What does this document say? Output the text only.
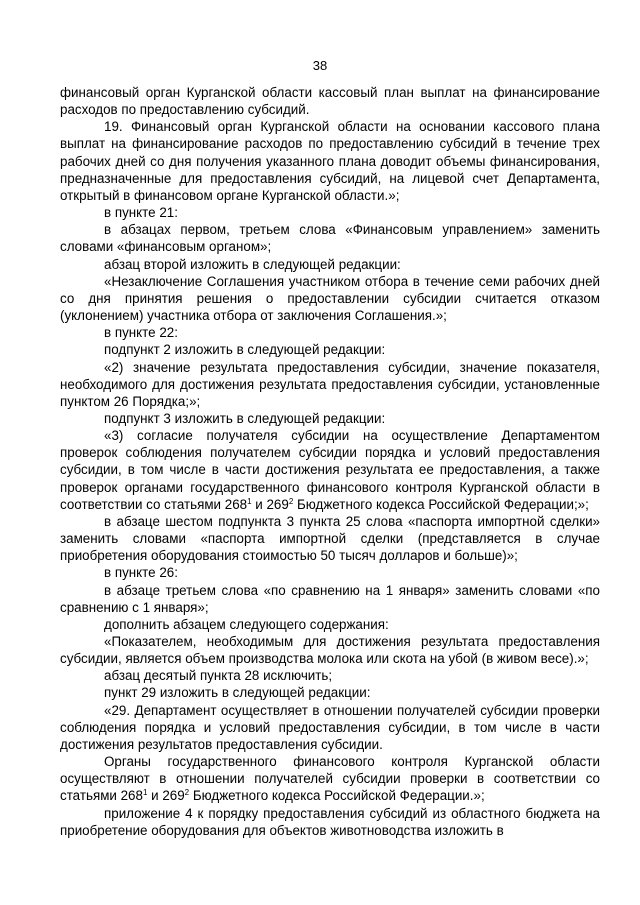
38

финансовый орган Курганской области кассовый план выплат на финансирование расходов по предоставлению субсидий.

19. Финансовый орган Курганской области на основании кассового плана выплат на финансирование расходов по предоставлению субсидий в течение трех рабочих дней со дня получения указанного плана доводит объемы финансирования, предназначенные для предоставления субсидий, на лицевой счет Департамента, открытый в финансовом органе Курганской области.»;

в пункте 21:

в абзацах первом, третьем слова «Финансовым управлением» заменить словами «финансовым органом»;

абзац второй изложить в следующей редакции:

«Незаключение Соглашения участником отбора в течение семи рабочих дней со дня принятия решения о предоставлении субсидии считается отказом (уклонением) участника отбора от заключения Соглашения.»;

в пункте 22:

подпункт 2 изложить в следующей редакции:

«2) значение результата предоставления субсидии, значение показателя, необходимого для достижения результата предоставления субсидии, установленные пунктом 26 Порядка;»;

подпункт 3 изложить в следующей редакции:

«3) согласие получателя субсидии на осуществление Департаментом проверок соблюдения получателем субсидии порядка и условий предоставления субсидии, в том числе в части достижения результата ее предоставления, а также проверок органами государственного финансового контроля Курганской области в соответствии со статьями $268^1$ и $269^2$ Бюджетного кодекса Российской Федерации;»;

в абзаце шестом подпункта 3 пункта 25 слова «паспорта импортной сделки» заменить словами «паспорта импортной сделки (представляется в случае приобретения оборудования стоимостью 50 тысяч долларов и больше)»;

в пункте 26:

в абзаце третьем слова «по сравнению на 1 января» заменить словами «по сравнению с 1 января»;

дополнить абзацем следующего содержания:

«Показателем, необходимым для достижения результата предоставления субсидии, является объем производства молока или скота на убой (в живом весе).»;

абзац десятый пункта 28 исключить;

пункт 29 изложить в следующей редакции:

«29. Департамент осуществляет в отношении получателей субсидии проверки соблюдения порядка и условий предоставления субсидии, в том числе в части достижения результатов предоставления субсидии.

Органы государственного финансового контроля Курганской области осуществляют в отношении получателей субсидии проверки в соответствии со статьями $268^1$ и $269^2$ Бюджетного кодекса Российской Федерации.»;

приложение 4 к порядку предоставления субсидий из областного бюджета на приобретение оборудования для объектов животноводства изложить в
